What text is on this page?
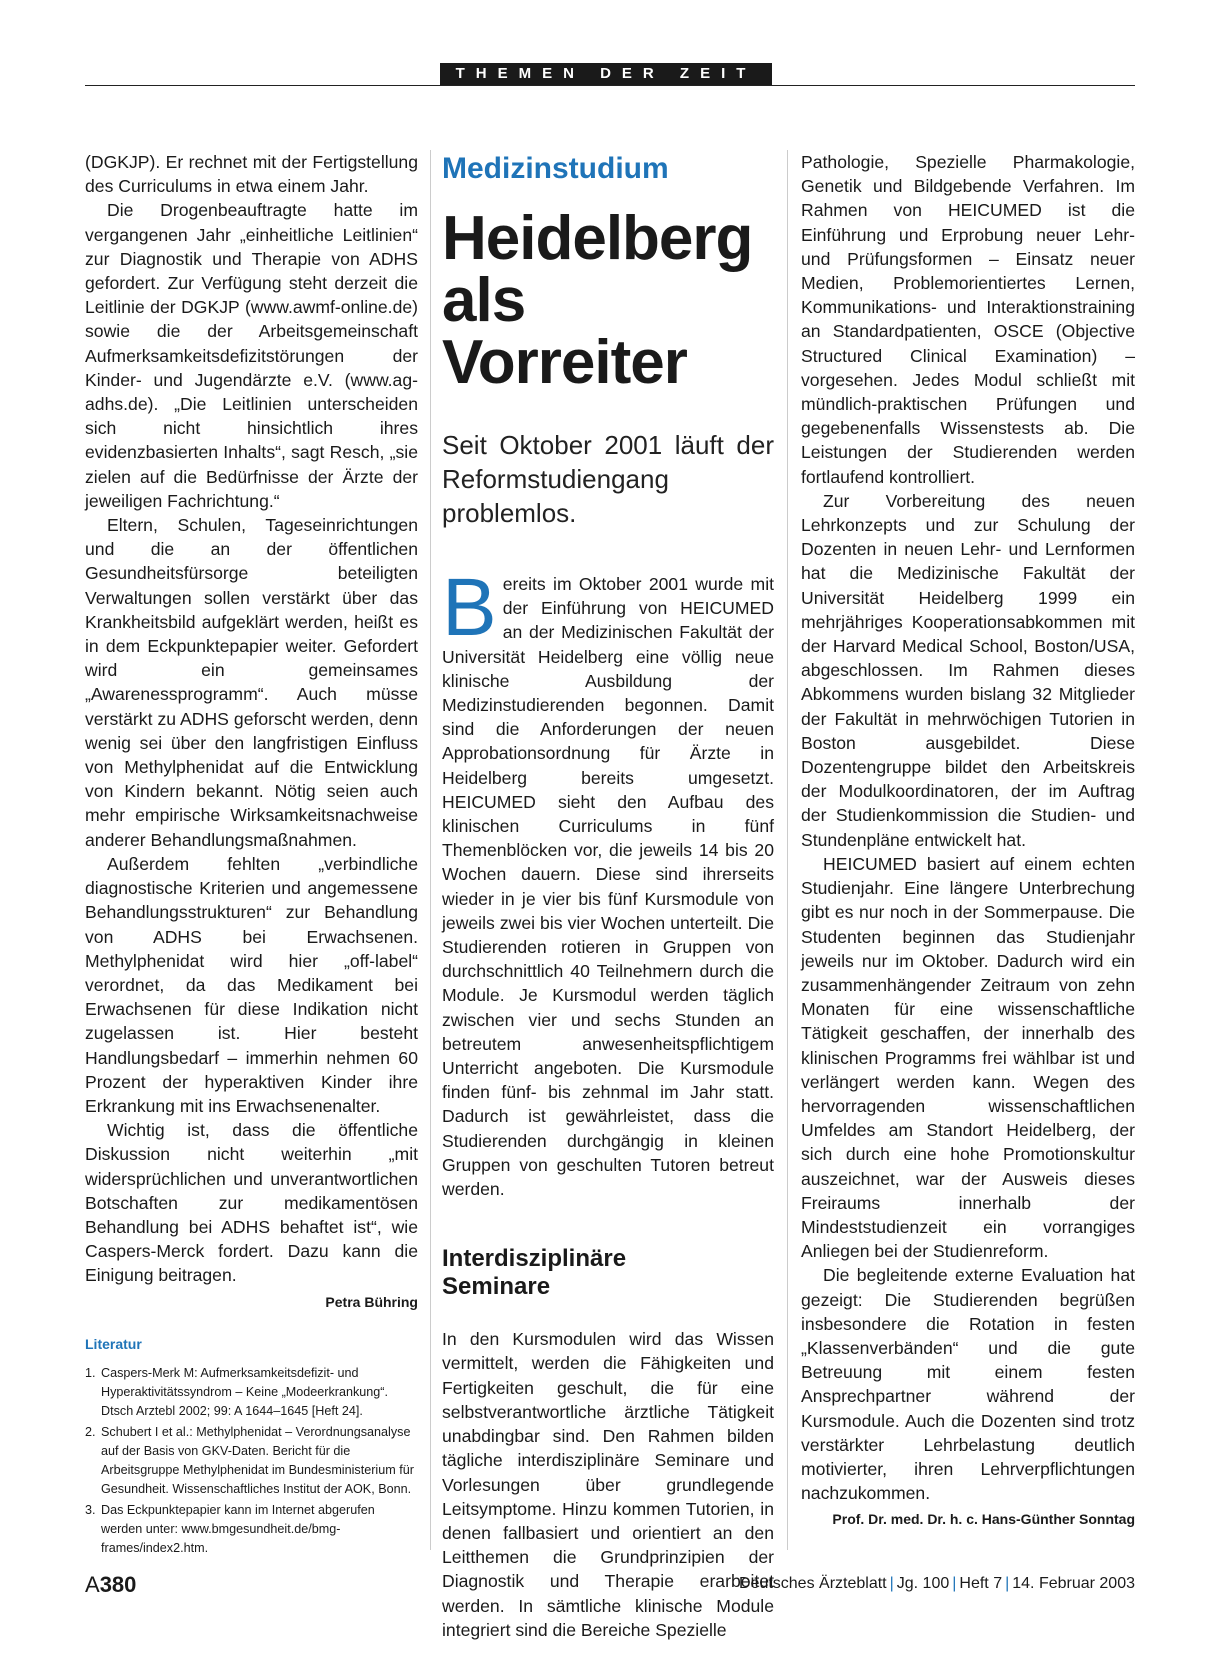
THEMEN DER ZEIT

(DGKJP). Er rechnet mit der Fertigstellung des Curriculums in etwa einem Jahr.

Die Drogenbeauftragte hatte im vergangenen Jahr „einheitliche Leitlinien“ zur Diagnostik und Therapie von ADHS gefordert. Zur Verfügung steht derzeit die Leitlinie der DGKJP (www.awmf-online.de) sowie die der Arbeitsgemeinschaft Aufmerksamkeitsdefizitstörungen der Kinder- und Jugendärzte e.V. (www.ag-adhs.de). „Die Leitlinien unterscheiden sich nicht hinsichtlich ihres evidenzbasierten Inhalts“, sagt Resch, „sie zielen auf die Bedürfnisse der Ärzte der jeweiligen Fachrichtung.“

Eltern, Schulen, Tageseinrichtungen und die an der öffentlichen Gesundheitsfürsorge beteiligten Verwaltungen sollen verstärkt über das Krankheitsbild aufgeklärt werden, heißt es in dem Eckpunktepapier weiter. Gefordert wird ein gemeinsames „Awarenessprogramm“. Auch müsse verstärkt zu ADHS geforscht werden, denn wenig sei über den langfristigen Einfluss von Methylphenidat auf die Entwicklung von Kindern bekannt. Nötig seien auch mehr empirische Wirksamkeitsnachweise anderer Behandlungsmaßnahmen.

Außerdem fehlten „verbindliche diagnostische Kriterien und angemessene Behandlungsstrukturen“ zur Behandlung von ADHS bei Erwachsenen. Methylphenidat wird hier „off-label“ verordnet, da das Medikament bei Erwachsenen für diese Indikation nicht zugelassen ist. Hier besteht Handlungsbedarf – immerhin nehmen 60 Prozent der hyperaktiven Kinder ihre Erkrankung mit ins Erwachsenenalter.

Wichtig ist, dass die öffentliche Diskussion nicht weiterhin „mit widersprüchlichen und unverantwortlichen Botschaften zur medikamentösen Behandlung bei ADHS behaftet ist“, wie Caspers-Merck fordert. Dazu kann die Einigung beitragen.

Petra Bühring
Literatur
1. Caspers-Merk M: Aufmerksamkeitsdefizit- und Hyperaktivitätssyndrom – Keine „Modeerkrankung“. Dtsch Arztebl 2002; 99: A 1644–1645 [Heft 24].
2. Schubert I et al.: Methylphenidat – Verordnungsanalyse auf der Basis von GKV-Daten. Bericht für die Arbeitsgruppe Methylphenidat im Bundesministerium für Gesundheit. Wissenschaftliches Institut der AOK, Bonn.
3. Das Eckpunktepapier kann im Internet abgerufen werden unter: www.bmgesundheit.de/bmg-frames/index2.htm.
Medizinstudium
Heidelberg
als Vorreiter
Seit Oktober 2001 läuft der Reformstudiengang problemlos.

Bereits im Oktober 2001 wurde mit der Einführung von HEICUMED an der Medizinischen Fakultät der Universität Heidelberg eine völlig neue klinische Ausbildung der Medizinstudierenden begonnen. Damit sind die Anforderungen der neuen Approbationsordnung für Ärzte in Heidelberg bereits umgesetzt. HEICUMED sieht den Aufbau des klinischen Curriculums in fünf Themenblöcken vor, die jeweils 14 bis 20 Wochen dauern. Diese sind ihrerseits wieder in je vier bis fünf Kursmodule von jeweils zwei bis vier Wochen unterteilt. Die Studierenden rotieren in Gruppen von durchschnittlich 40 Teilnehmern durch die Module. Je Kursmodul werden täglich zwischen vier und sechs Stunden an betreutem anwesenheitspflichtigem Unterricht angeboten. Die Kursmodule finden fünf- bis zehnmal im Jahr statt. Dadurch ist gewährleistet, dass die Studierenden durchgängig in kleinen Gruppen von geschulten Tutoren betreut werden.

Interdisziplinäre
Seminare

In den Kursmodulen wird das Wissen vermittelt, werden die Fähigkeiten und Fertigkeiten geschult, die für eine selbstverantwortliche ärztliche Tätigkeit unabdingbar sind. Den Rahmen bilden tägliche interdisziplinäre Seminare und Vorlesungen über grundlegende Leitsymptome. Hinzu kommen Tutorien, in denen fallbasiert und orientiert an den Leitthemen die Grundprinzipien der Diagnostik und Therapie erarbeitet werden. In sämtliche klinische Module integriert sind die Bereiche Spezielle

Pathologie, Spezielle Pharmakologie, Genetik und Bildgebende Verfahren. Im Rahmen von HEICUMED ist die Einführung und Erprobung neuer Lehr- und Prüfungsformen – Einsatz neuer Medien, Problemorientiertes Lernen, Kommunikations- und Interaktionstraining an Standardpatienten, OSCE (Objective Structured Clinical Examination) – vorgesehen. Jedes Modul schließt mit mündlich-praktischen Prüfungen und gegebenenfalls Wissenstests ab. Die Leistungen der Studierenden werden fortlaufend kontrolliert.

Zur Vorbereitung des neuen Lehrkonzepts und zur Schulung der Dozenten in neuen Lehr- und Lernformen hat die Medizinische Fakultät der Universität Heidelberg 1999 ein mehrjähriges Kooperationsabkommen mit der Harvard Medical School, Boston/USA, abgeschlossen. Im Rahmen dieses Abkommens wurden bislang 32 Mitglieder der Fakultät in mehrwöchigen Tutorien in Boston ausgebildet. Diese Dozentengruppe bildet den Arbeitskreis der Modulkoordinatoren, der im Auftrag der Studienkommission die Studien- und Stundenpläne entwickelt hat.

HEICUMED basiert auf einem echten Studienjahr. Eine längere Unterbrechung gibt es nur noch in der Sommerpause. Die Studenten beginnen das Studienjahr jeweils nur im Oktober. Dadurch wird ein zusammenhängender Zeitraum von zehn Monaten für eine wissenschaftliche Tätigkeit geschaffen, der innerhalb des klinischen Programms frei wählbar ist und verlängert werden kann. Wegen des hervorragenden wissenschaftlichen Umfeldes am Standort Heidelberg, der sich durch eine hohe Promotionskultur auszeichnet, war der Ausweis dieses Freiraums innerhalb der Mindeststudienzeit ein vorrangiges Anliegen bei der Studienreform.

Die begleitende externe Evaluation hat gezeigt: Die Studierenden begrüßen insbesondere die Rotation in festen „Klassenverbänden“ und die gute Betreuung mit einem festen Ansprechpartner während der Kursmodule. Auch die Dozenten sind trotz verstärkter Lehrbelastung deutlich motivierter, ihren Lehrverpflichtungen nachzukommen.

Prof. Dr. med. Dr. h. c. Hans-Günther Sonntag
A380	Deutsches Ärzteblatt | Jg. 100 | Heft 7 | 14. Februar 2003
